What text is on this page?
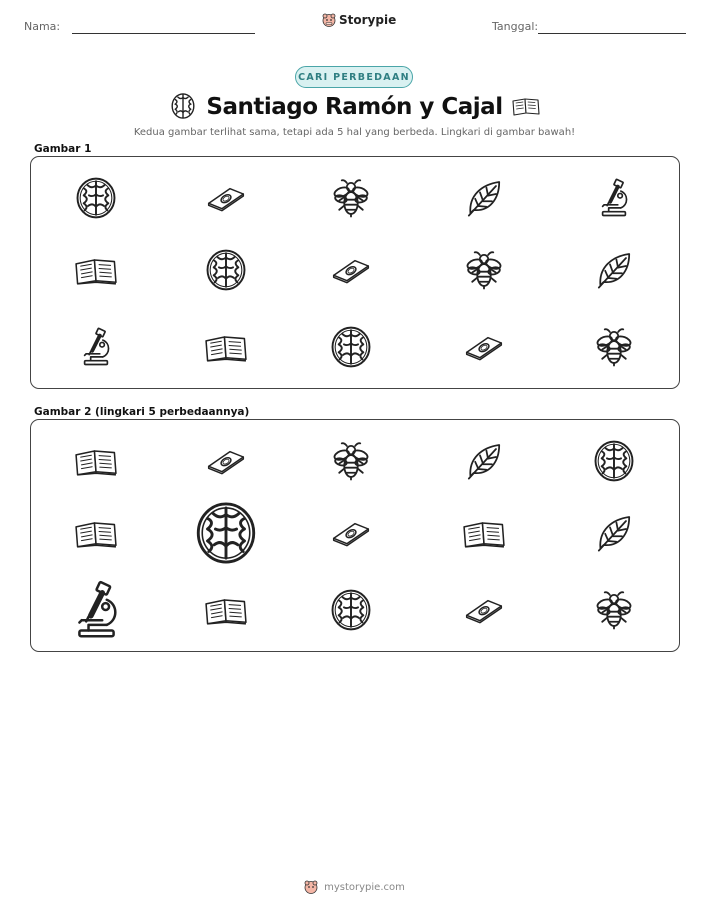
Nama:	Storypie	Tanggal:
CARI PERBEDAAN
Santiago Ramón y Cajal
Kedua gambar terlihat sama, tetapi ada 5 hal yang berbeda. Lingkari di gambar bawah!
Gambar 1
Gambar 2 (lingkari 5 perbedaannya)
mystorypie.com
